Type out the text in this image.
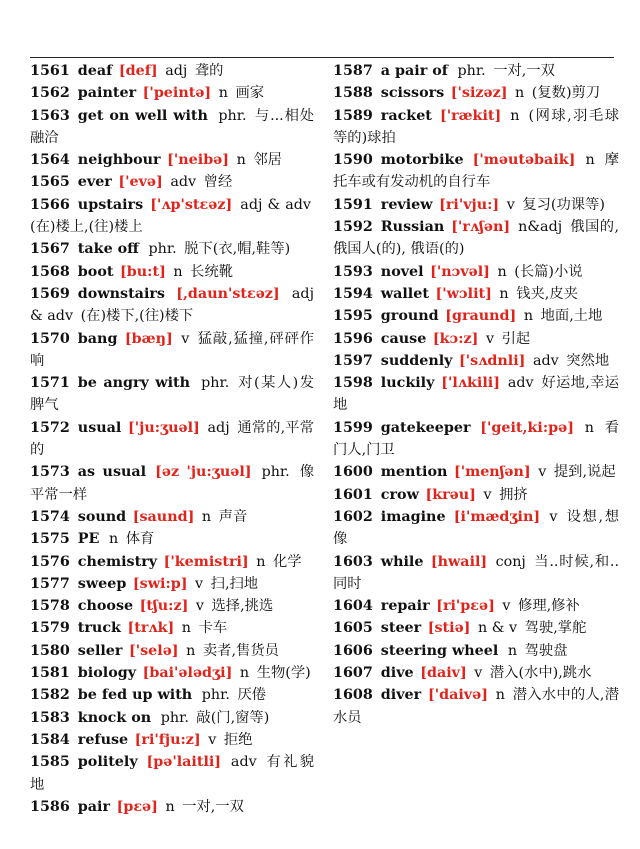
1561 deaf [def] adj 聋的

1562 painter ['peintə] n 画家

1563 get on well with phr. 与...相处融洽

1564 neighbour ['neibə] n 邻居

1565 ever ['evə] adv 曾经

1566 upstairs ['ʌp'stɛəz] adj & adv (在)楼上,(往)楼上

1567 take off phr. 脱下(衣,帽,鞋等)

1568 boot [bu:t] n 长统靴

1569 downstairs [,daun'stɛəz] adj & adv (在)楼下,(往)楼下

1570 bang [bæŋ] v 猛敲,猛撞,砰砰作响

1571 be angry with phr. 对(某人)发脾气

1572 usual ['ju:ʒuəl] adj 通常的,平常的

1573 as usual [əz 'ju:ʒuəl] phr. 像平常一样

1574 sound [saund] n 声音

1575 PE n 体育

1576 chemistry ['kemistri] n 化学

1577 sweep [swi:p] v 扫,扫地

1578 choose [tʃu:z] v 选择,挑选

1579 truck [trʌk] n 卡车

1580 seller ['selə] n 卖者,售货员

1581 biology [bai'ələdʒi] n 生物(学)

1582 be fed up with phr. 厌倦

1583 knock on phr. 敲(门,窗等)

1584 refuse [ri'fju:z] v 拒绝

1585 politely [pə'laitli] adv 有礼貌地

1586 pair [pɛə] n 一对,一双

1587 a pair of phr. 一对,一双

1588 scissors ['sizəz] n (复数)剪刀

1589 racket ['rækit] n (网球,羽毛球等的)球拍

1590 motorbike ['məutəbaik] n 摩托车或有发动机的自行车

1591 review [ri'vju:] v 复习(功课等)

1592 Russian ['rʌʃən] n&adj 俄国的,俄国人(的), 俄语(的)

1593 novel ['nɔvəl] n (长篇)小说

1594 wallet ['wɔlit] n 钱夹,皮夹

1595 ground [graund] n 地面,土地

1596 cause [kɔ:z] v 引起

1597 suddenly ['sʌdnli] adv 突然地

1598 luckily ['lʌkili] adv 好运地,幸运地

1599 gatekeeper ['geit,ki:pə] n 看门人,门卫

1600 mention ['menʃən] v 提到,说起

1601 crow [krəu] v 拥挤

1602 imagine [i'mædʒin] v 设想,想像

1603 while [hwail] conj 当..时候,和..同时

1604 repair [ri'pɛə] v 修理,修补

1605 steer [stiə] n & v 驾驶,掌舵

1606 steering wheel n 驾驶盘

1607 dive [daiv] v 潜入(水中),跳水

1608 diver ['daivə] n 潜入水中的人,潜水员
